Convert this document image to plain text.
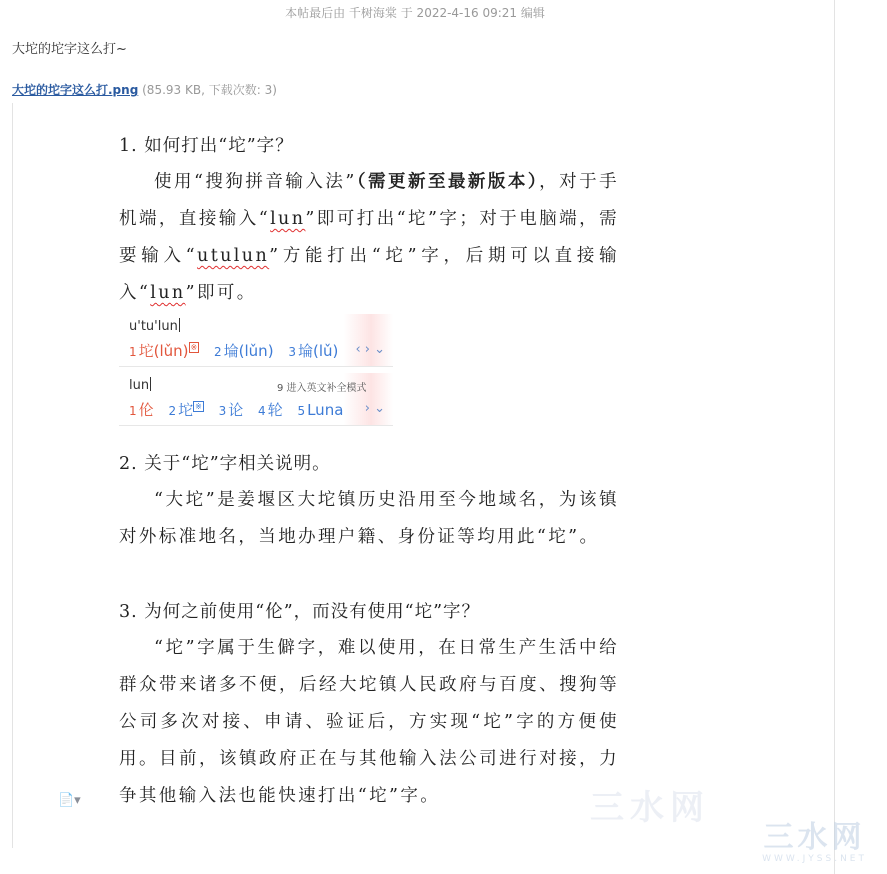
本帖最后由 千树海棠 于 2022-4-16 09:21 编辑
大坨的坨字这么打~
大坨的坨字这么打.png (85.93 KB, 下载次数: 3)
1. 如何打出“坨”字？

使用“搜狗拼音输入法”（需更新至最新版本），对于手机端，直接输入“lun”即可打出“坨”字；对于电脑端，需要输入“utulun”方能打出“坨”字，后期可以直接输入“lun”即可。

u'tu'lun
1 坨(lǔn) ※ 2 埨(lǔn) 3 埨(lǔ)	‹ › ⌄
lun	9 进入英文补全模式
1 伦 2 坨 ※ 3 论 4 轮 5 Luna	› ⌄
2. 关于“坨”字相关说明。

“大坨”是姜堰区大坨镇历史沿用至今地域名，为该镇对外标准地名，当地办理户籍、身份证等均用此“坨”。

3. 为何之前使用“伦”，而没有使用“坨”字？

“坨”字属于生僻字，难以使用，在日常生产生活中给群众带来诸多不便，后经大坨镇人民政府与百度、搜狗等公司多次对接、申请、验证后，方实现“坨”字的方便使用。目前，该镇政府正在与其他输入法公司进行对接，力争其他输入法也能快速打出“坨”字。

📄▾	三水网
三水网
WWW.JYSS.NET
